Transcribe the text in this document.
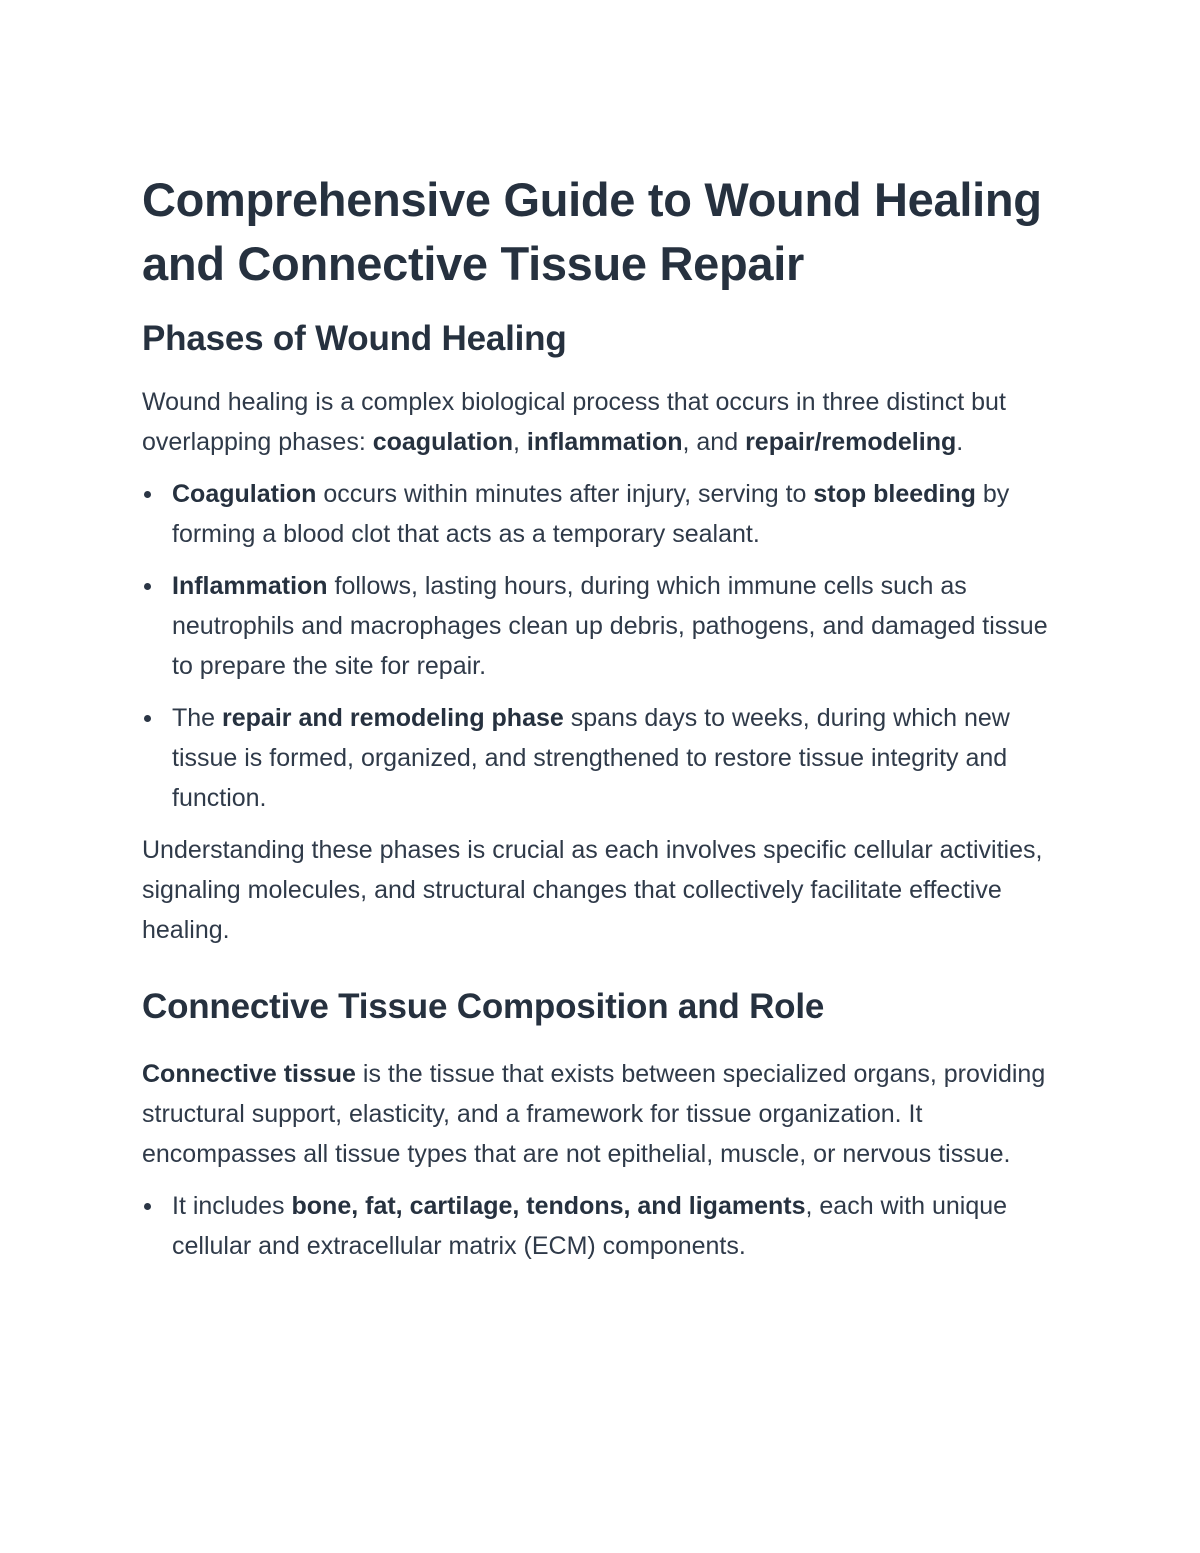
Comprehensive Guide to Wound Healing and Connective Tissue Repair
Phases of Wound Healing

Wound healing is a complex biological process that occurs in three distinct but overlapping phases: coagulation, inflammation, and repair/remodeling.

Coagulation occurs within minutes after injury, serving to stop bleeding by forming a blood clot that acts as a temporary sealant.
Inflammation follows, lasting hours, during which immune cells such as neutrophils and macrophages clean up debris, pathogens, and damaged tissue to prepare the site for repair.
The repair and remodeling phase spans days to weeks, during which new tissue is formed, organized, and strengthened to restore tissue integrity and function.

Understanding these phases is crucial as each involves specific cellular activities, signaling molecules, and structural changes that collectively facilitate effective healing.

Connective Tissue Composition and Role

Connective tissue is the tissue that exists between specialized organs, providing structural support, elasticity, and a framework for tissue organization. It encompasses all tissue types that are not epithelial, muscle, or nervous tissue.

It includes bone, fat, cartilage, tendons, and ligaments, each with unique cellular and extracellular matrix (ECM) components.
